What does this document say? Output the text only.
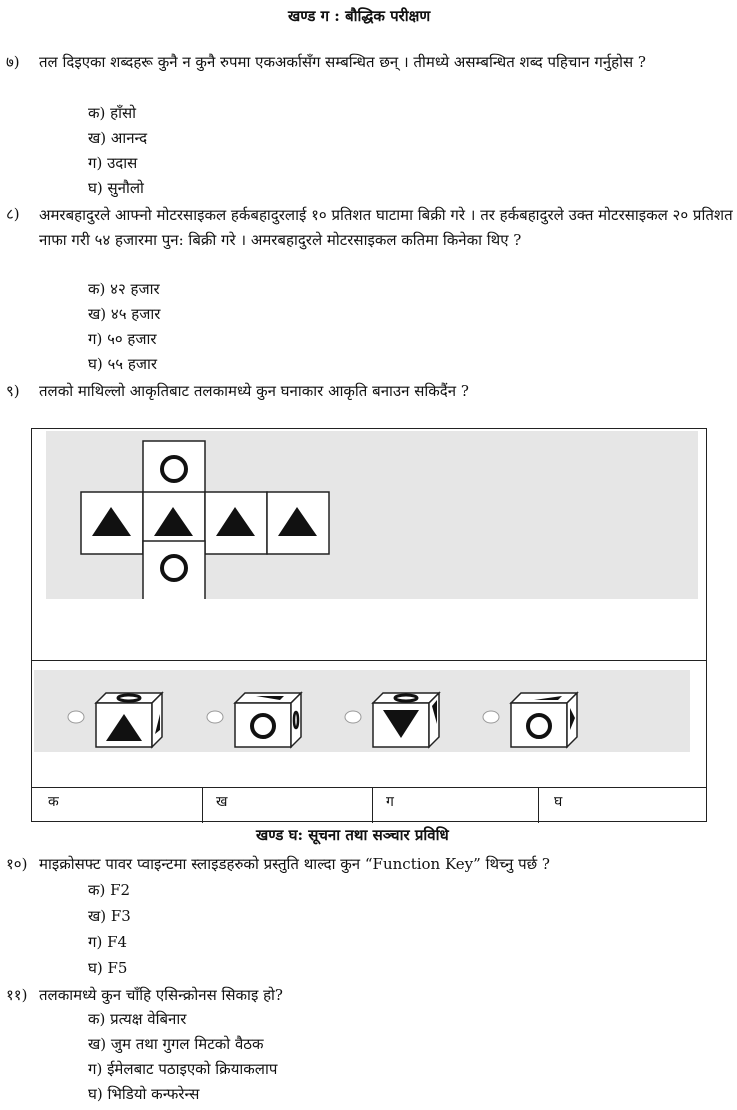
खण्ड ग : बौद्धिक परीक्षण
७) तल दिइएका शब्दहरू कुनै न कुनै रुपमा एकअर्कासँग सम्बन्धित छन् । तीमध्ये असम्बन्धित शब्द पहिचान गर्नुहोस ?
क) हाँसो
ख) आनन्द
ग) उदास
घ) सुनौलो
८) अमरबहादुरले आफ्नो मोटरसाइकल हर्कबहादुरलाई १० प्रतिशत घाटामा बिक्री गरे । तर हर्कबहादुरले उक्त मोटरसाइकल २० प्रतिशत नाफा गरी ५४ हजारमा पुन: बिक्री गरे । अमरबहादुरले मोटरसाइकल कतिमा किनेका थिए ?
क) ४२ हजार
ख) ४५ हजार
ग) ५० हजार
घ) ५५ हजार
९) तलको माथिल्लो आकृतिबाट तलकामध्ये कुन घनाकार आकृति बनाउन सकिदैंन ?
क	ख	ग	घ
खण्ड घ: सूचना तथा सञ्चार प्रविधि
१०) माइक्रोसफ्ट पावर प्वाइन्टमा स्लाइडहरुको प्रस्तुति थाल्दा कुन “Function Key” थिच्नु पर्छ ?
क) F2
ख) F3
ग) F4
घ) F5
११) तलकामध्ये कुन चाँहि एसिन्क्रोनस सिकाइ हो?
क) प्रत्यक्ष वेबिनार
ख) जुम तथा गुगल मिटको वैठक
ग) ईमेलबाट पठाइएको क्रियाकलाप
घ) भिडियो कन्फरेन्स
